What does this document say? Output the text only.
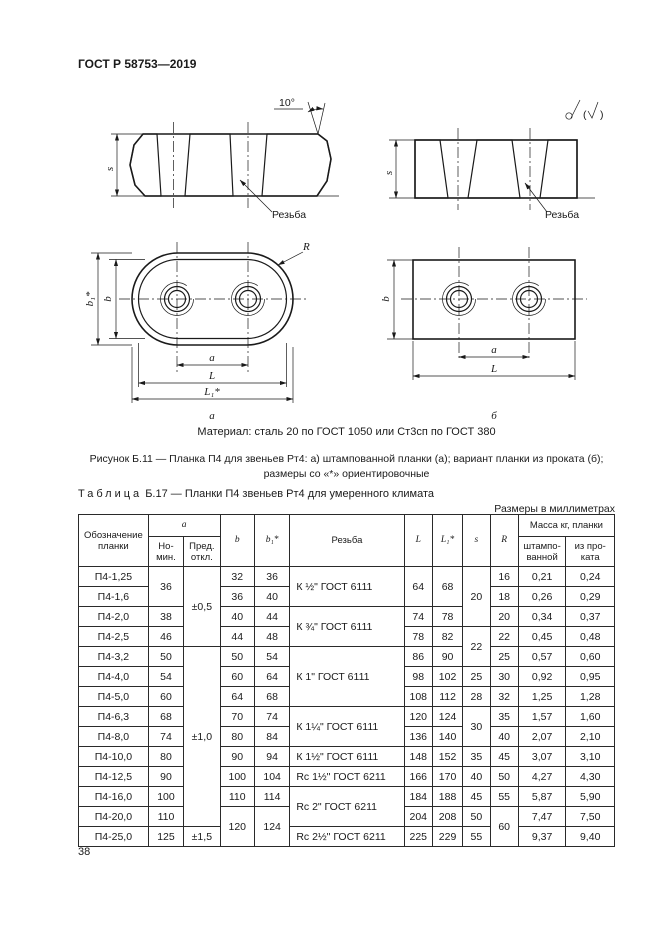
ГОСТ Р 58753—2019
s
10°
Резьба
s
( )
Резьба
b₁* b
R
a
L
L₁*
а
b
a
L
б
Материал: сталь 20 по ГОСТ 1050 или Ст3сп по ГОСТ 380
Рисунок Б.11 — Планка П4 для звеньев Рт4: а) штампованной планки (а); вариант планки из проката (б);
размеры со «*» ориентировочные
Таблица Б.17 — Планки П4 звеньев Рт4 для умеренного климата
Размеры в миллиметрах
Обозначение планки	a		b	b₁*	Резьба	L	L₁*	s	R	Масса кг, планки	
	Но-мин.	Пред. откл.								штампо-ванной	из про-ката
П4-1,25	36	±0,5	32	36	К ½" ГОСТ 6111	64	68	20	16	0,21	0,24
П4-1,6			36	40					18	0,26	0,29
П4-2,0	38		40	44	К ¾" ГОСТ 6111	74	78		20	0,34	0,37
П4-2,5	46		44	48		78	82	22	22	0,45	0,48
П4-3,2	50	±1,0	50	54	К 1" ГОСТ 6111	86	90		25	0,57	0,60
П4-4,0	54		60	64		98	102	25	30	0,92	0,95
П4-5,0	60		64	68		108	112	28	32	1,25	1,28
П4-6,3	68		70	74	К 1¼" ГОСТ 6111	120	124	30	35	1,57	1,60
П4-8,0	74		80	84		136	140		40	2,07	2,10
П4-10,0	80		90	94	К 1½" ГОСТ 6111	148	152	35	45	3,07	3,10
П4-12,5	90		100	104	Rc 1½" ГОСТ 6211	166	170	40	50	4,27	4,30
П4-16,0	100		110	114	Rc 2" ГОСТ 6211	184	188	45	55	5,87	5,90
П4-20,0	110		120	124		204	208	50	60	7,47	7,50
П4-25,0	125	±1,5			Rc 2½" ГОСТ 6211	225	229	55		9,37	9,40
38
